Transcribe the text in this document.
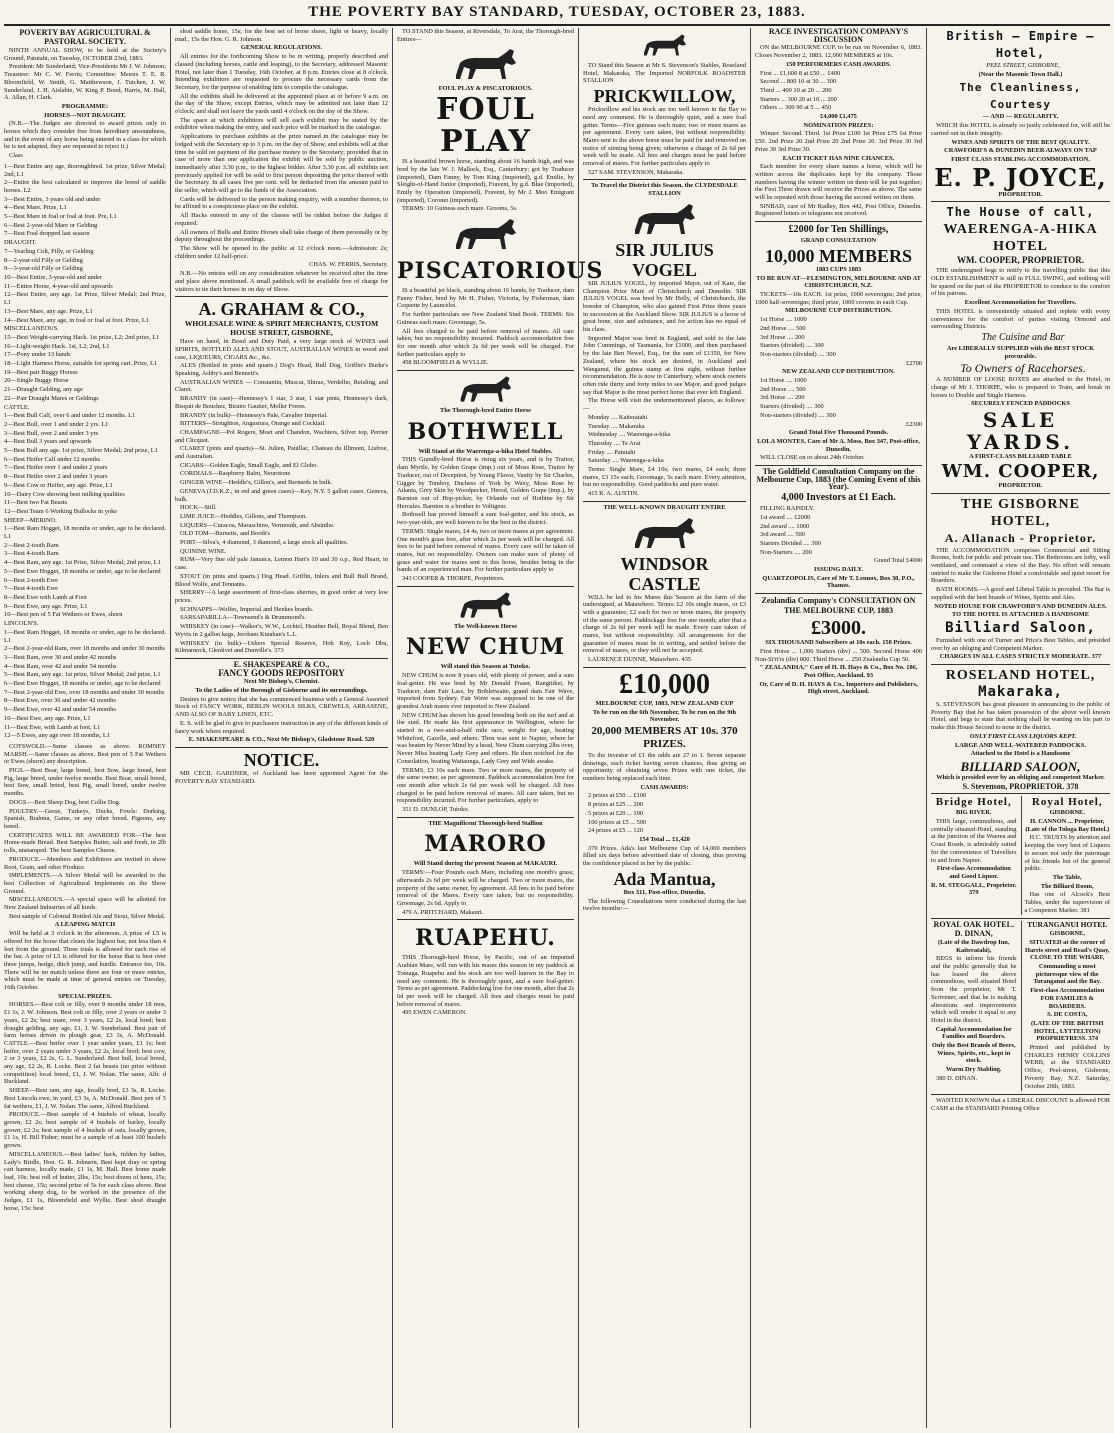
THE POVERTY BAY STANDARD, TUESDAY, OCTOBER 23, 1883.

POVERTY BAY AGRICULTURAL & PASTORAL SOCIETY.

NINTH ANNUAL SHOW, to be held at the Society's Ground, Patutahi, on Tuesday, OCTOBER 23rd, 1883.

President: Mr Sunderland; Vice-Presidents Mr J. W. Johnson; Treasurer: Mr C. W. Ferris; Committee: Messrs T. E. R. Bloomfield, W. Smith, G. Matthewson, J. Tutchen, J. W. Sunderland, J. H. Aislabie, W. King P. Bond, Harris, M. Hall, A. Allan, H. Clark.

PROGRAMME:

HORSES—NOT DRAUGHT.

(N.B.—The Judges are directed to award prizes only to horses which they consider free from hereditary unsoundness, and in the event of any horse being entered in a class for which he is not adapted, they are requested to reject it.)

Class

1—Best Entire any age, thoroughbred. 1st prize, Silver Medal; 2nd, L1

2—Entire the best calculated to improve the breed of saddle horses. L2

3—Best Entire, 3 years old and under

4—Best Mare. Prize, L1

5—Best Mare in foal or foal at foot. Pre, L1

6—Best 2-year-old Mare or Gelding

7—Best Foal dropped last season

DRAUGHT.

7—Yearling Colt, Filly, or Gelding

8—2-year-old Filly or Gelding

9—3-year-old Filly or Gelding

10—Best Entire, 3-year-old and under

11—Entire Horse, 4-year-old and upwards

12—Best Entire, any age. 1st Prize, Silver Medal; 2nd Prize, L1

13—Best Mare, any age. Prize, L1

14—Best Mare, any age, in foal or foal at foot. Prize, L1

MISCELLANEOUS.

15—Best Weight-carrying Hack. 1st prize, L2; 2nd prize, L1

16—Light-weight Hack. 1st, L2; 2nd, L1

17—Pony under 13 hands

18—Light Harness Horse, suitable for spring cart. Prize, L1

19—Best pair Buggy Horses

20—Single Buggy Horse

21—Draught Gelding, any age

22—Pair Draught Mares or Geldings

CATTLE.

1—Best Bull Calf, over 6 and under 12 months. L1

2—Best Bull, over 1 and under 2 yrs. L1

3—Best Bull, over 2 and under 3 yrs

4—Best Bull 3 years and upwards

5—Best Bull any age. 1st prize, Silver Medal; 2nd prize, L1

6—Best Heifer Calf under 12 months

7—Best Heifer over 1 and under 2 years

8—Best Heifer over 2 and under 3 years

9—Best Cow or Heifer, any age. Prize, L1

10—Dairy Cow showing best milking qualities

11—Best two Fat Beasts

12—Best Team 6 Working Bullocks in yoke

SHEEP—MERINO.

1—Best Ram Hogget, 18 months or under, age to be declared. L1

2—Best 2-tooth Ram

3—Best 4-tooth Ram

4—Best Ram, any age. 1st Prize, Silver Medal; 2nd prize, L1

5—Best Ewe Hogget, 18 months or under, age to be declared

6—Best 2-tooth Ewe

7—Best 4-tooth Ewe

8—Best Ewe with Lamb at Foot

9—Best Ewe, any age. Prize, L1

10—Best pen of 5 Fat Wethers or Ewes, shorn

LINCOLN'S.

1—Best Ram Hogget, 18 months or under, age to be declared. L1

2—Best 2-year-old Ram, over 18 months and under 30 months

3—Best Ram, over 30 and under 42 months

4—Best Ram, over 42 and under 54 months

5—Best Ram, any age. 1st prize, Silver Medal; 2nd prize, L1

6—Best Ewe Hogget, 18 months or under, age to be declared

7—Best 2-year-old Ewe, over 18 months and under 30 months

8—Best Ewe, over 30 and under 42 months

9—Best Ewe, over 42 and under 54 months

10—Best Ewe, any age. Prize, L1

11—Best Ewe, with Lamb at foot, L1

12—5 Ewes, any age over 18 months, L1

COTSWOLD.—Same classes as above. ROMNEY MARSH.—Same classes as above. Best pen of 5 Fat Wethers or Ewes (shorn) any description.

PIGS.—Best Boar, large breed, best Sow, large breed, best Pig, large breed, under twelve months. Best Boar, small breed, best Sow, small breed, best Pig, small breed, under twelve months.

DOGS.—Best Sheep Dog, best Collie Dog.

POULTRY.—Geese, Turkeys, Ducks, Fowls: Dorking, Spanish, Brahma, Game, or any other breed. Pigeons, any breed.

CERTIFICATES WILL BE AWARDED FOR—The best Home-made Bread. Best Samples Butter, salt and fresh, in 2lb rolls, unstamped. The best Samples Cheese.

PRODUCE.—Members and Exhibitors are invited to show Root, Grain, and other Produce.

IMPLEMENTS.—A Silver Medal will be awarded to the best Collection of Agricultural Implements on the Show Ground.

MISCELLANEOUS.—A special space will be allotted for New Zealand Industries of all kinds.

Best sample of Colonial Bottled Ale and Stout, Silver Medal.

A LEAPING MATCH

Will be held at 3 o'clock in the afternoon. A prize of L5 is offered for the horse that clears the highest bar, not less than 4 feet from the ground. Three trials is allowed for each rise of the bar. A prize of L5 is offered for the horse that is best over three jumps, hedge, ditch jump, and hurdle. Entrance fee, 10s. There will be no match unless there are four or more entries, which must be made at time of general entries on Tuesday, 16th October.

SPECIAL PRIZES.

HORSES.—Best colt or filly, over 9 months under 18 mos, £1 1s, J. W. Johnson. Best colt or filly, over 2 years or under 3 years, £2 2s; best mare, over 3 years, £2 2s, local bred; best draught gelding, any age, £1, J. W. Sunderland. Best pair of farm horses driven in plough gear, £3 3s, A. McDonald. CATTLE.—Best heifer over 1 year under years, £1 1s; best heifer, over 2 years under 3 years, £2 2s, local bred; best cow, 2 or 3 years, £2 2s, G. L. Sunderland. Best bull, local breed, any age, £2 2s, R. Locke. Best 2 fat beasts (no prize without competition) local breed, £1, J. W. Nolan. The same, Alfr. d Buckland.

SHEEP.—Best ram, any age, locally bred, £3 3s, R. Locke. Best Lincoln ewe, in yard, £3 3s, A. McDonald. Best pen of 5 fat wethers, £1, J. W. Nolan. The same, Alfred Buckland.

PRODUCE.—Best sample of 4 bushels of wheat, locally grown, £2 2s; best sample of 4 bushels of barley, locally grown, £2 2s; best sample of 4 bushels of oats, locally grown, £1 1s, H. Bill Fisher; must be a sample of at least 100 bushels grown.

MISCELLANEOUS.—Best ladies' hack, ridden by ladies, Lady's Bridle, Hon. G. R. Johnson. Best kept dray or spring cart harness, locally made, £1 1s, M. Hall. Best home made loaf, 10s; best roll of butter, 2lbs, 15s; best dozen of hens, 15s; best cheese, 15s; second prize of 5s for each class above. Best working sheep dog, to be worked in the presence of the Judges, £1 1s, Bloomfield and Wyllie. Best shod draught horse, 15s: best

shod saddle horse, 15s; for the best set of horse shoes, light or heavy, locally mad., 15s the Hon. G. R. Johnson.

GENERAL REGULATIONS.

All entries for the forthcoming Show to be in writing, properly described and classed (including horses, cattle and leaping), to the Secretary, addressed Masonic Hotel, not later than 1 Tuesday, 16th October, at 8 p.m. Entries close at 8 o'clock. Intending exhibitors are requested to procure the necessary cards from the Secretary, for the purpose of enabling him to compile the catalogue.

All the exhibits shall be delivered at the appointed place at or before 9 a.m. on the day of the Show, except Entries, which may be admitted not later than 12 o'clock; and shall not leave the yards until 4 o'clock on the day of the Show.

The space at which exhibitors will sell each exhibit may be stated by the exhibitor when making the entry, and such price will be marked in the catalogue.

Applications to purchase exhibits at the prize named in the catalogue may be lodged with the Secretary up to 3 p.m. on the day of Show, and exhibits will at that time be sold on payment of the purchase money to the Secretary; provided that in case of more than one application the exhibit will be sold by public auction, immediately after 3.30 p.m., to the highest bidder. After 3.30 p.m. all exhibits not previously applied for will be sold to first person depositing the price thereof with the Secretary. In all cases five per cent. will be deducted from the amount paid to the seller, which will go to the funds of the Association.

Cards will be delivered to the person making enquiry, with a number thereon, to be affixed to a conspicuous place on the exhibit.

All Hacks entered in any of the classes will be ridden before the Judges if required.

All owners of Bulls and Entire Horses shall take charge of them personally or by deputy throughout the proceedings.

The Show will be opened to the public at 12 o'clock noon.—Admission: 2s; children under 12 half-price.

CHAS. W. FERRIS, Secretary.

N.B.—No entries will on any consideration whatever be received after the time and place above mentioned. A small paddock will be available free of charge for visitors to tie their horses in on day of Show.

A. GRAHAM & CO.,

WHOLESALE WINE & SPIRIT MERCHANTS, CUSTOM HOUSE STREET, GISBORNE,

Have on hand, in Bond and Duty Paid, a very large stock of WINES and SPIRITS, BOTTLED ALES AND STOUT, AUSTRALIAN WINES in wood and case, LIQUEURS, CIGARS &c., &c.

ALES (Bottled in pints and quarts.) Dog's Head, Bull Dog, Griffin's Burke's Speaking, Ashby's and Bennett's.

AUSTRALIAN WINES — Constantia, Muscat, Shiraz, Verdelho, Reisling, and Claret.

BRANDY (in case)—Hennessy's 1 star, 3 star, 1 star pints, Hennessy's dark, Bisquit de Bouchez, Biraire Gautier, Moller Freres.

BRANDY (in bulk)—Hennessy's Pale, Cavalier Imperial.

BITTERS—Stoughton, Angustura, Orange and Cocktail.

CHAMPAGNE—Pol Rogers, Moet and Chandon, Wachters, Silver top, Perrier and Clicquot.

CLARET (pints and quarts)—St. Julien, Pauillac, Chateau du Illimont, Lisfroe, and Australian.

CIGARS—Golden Eagle, Small Eagle, and El Globo.

CORDIALS—Raspberry Balm, Neurotone

GINGER WINE—Heddle's, Gillon's, and Bernards in bulk.

GENEVA (J.D.K.Z., in red and green cases)—Key, N.Y. 5 gallon cases. Geneva, bulk.

HOCK—Still.

LIME JUICE—Heddles, Gillons, and Thompson.

LIQUERS—Curacoa, Maraschino, Vermouth, and Absinthe.

OLD TOM—Burnetts, and Booth's

PORT—Silva's, 4 diamond, 3 diamond, a large stock all qualities.

QUININE WINE.

RUM—Very fine old pale Jamaica, Lemon Hart's 10 and 30 o.p., Red Heart, in case.

STOUT (in pints and quarts.) Dog Head. Griffin, Inlers and Bull Bull Brand, Blood Wolfe, and Tennants.

SHERRY—A large assortment of first-class sherries, in good order at very low prices.

SCHNAPPS—Wolfes, Imperial and Henkes brands.

SARSAPARILLA—Townsend's & Drummond's.

WHISKEY (in case)—Walker's, W.W., Lochiel, Heather Bell, Royal Blend, Ben Wyvis in 2 gallon kegs, Jerobam Kinahan's L.L.

WHISKEY (in bulk)—Ushers Special Reserve, Hob Roy, Loch Dhu, Kilmarnock, Glenlivet and Dunville's. 373

E. SHAKESPEARE & CO.,

FANCY GOODS REPOSITORY

Next Mr Bishop's, Chemist.

To the Ladies of the Borough of Gisborne and its surroundings.

Desires to give notice that she has commenced business with a General Assorted Stock of FANCY WORK, BERLIN WOOLS SILKS, CREWELS, ARRASENE, AND ALSO OF BABY LINEN, ETC.

E. S. will be glad to give to purchasers instruction in any of the different kinds of fancy work where required.

E. SHAKESPEARE & CO., Next Mr Bishop's, Gladstone Road. 520

NOTICE.

MR CECIL GARDNER, of Auckland has been appointed Agent for the POVERTY BAY STANDARD.

TO STAND this Season, at Riversdale, To Arai, the Thorough-bred Entires—

FOUL PLAY & PISCATORIOUS.

FOUL PLAY

IS a beautiful brown horse, standing about 16 hands high, and was bred by the late W. J. Mallock, Esq., Canterbury; got by Traducer (imported), Dam Fanny, by Tom King (imported), g.d. Emilie, by Sleight-of-Hand Junior (imported), Fravent, by g.d. Blue (imported), Emily by Operation (imported), Fravent, by Mr J. Moo Emigrant (imported), Coronet (imported).

TERMS: 10 Guineas each mare. Grooms, 5s.

PISCATORIOUS

IS a beautiful jet black, standing about 16 hands, by Traducer, dam Fanny Fisher, bred by Mr H. Fisher, Victoria, by Fisherman, dam Coquette by Launcelot.

For further particulars see New Zealand Stud Book. TERMS: Six Guineas each mare. Groomage, 5s.

All fees charged to be paid before removal of mares. All care taken, but no responsibility incurred. Paddock accommodation free for one month after which 2s 6d per week will be charged. For further particulars apply to

458 BLOOMFIELD & WYLLIE.

The Thorough-bred Entire Horse

BOTHWELL

Will Stand at the Waerenga-a-hika Hotel Stables.

THIS Grandly-bred Horse is rising six years, and is by Traitor, dam Myrtle, by Golden Grape (imp.) out of Moss Rose, Traitor by Traducer, out of Deception, by Young Flavor, Vanity by Sir Charles, Gigger by Tomboy, Duchess of York by Waxy, Moss Rose by Atlanta, Grey Skin by Woodpecker, Herod, Golden Grape (imp.), by Barnton out of Hop-picker, by Orlando out of Hotbine by Sir Hercules. Barnton is a brother to Voltigeur.

Bothwell has proved himself a sure foal-getter, and his stock, as two-year-olds, are well known to be the best in the district.

TERMS: Single mares, £4 4s, two or more mares at per agreement. One month's grass free, after which 2s per week will be charged. All fees to be paid before removal of mares. Every care will be taken of mares, but no responsibility. Owners can make sure of plenty of grass and water for mares sent to this horse, besides being in the hands of an experienced man. For further particulars apply to

343 COOPER & THORPE, Proprietors.

The Well-known Horse

NEW CHUM

Will stand this Season at Tutoko.

NEW CHUM is now 8 years old, with plenty of power, and a sure foal-getter. He was bred by Mr Donald Fraser, Rangitikei, by Traducer, dam Fair Lass, by Bribletwaite, grand dam Fair Wave, imported from Sydney. Fair Wave was supposed to be one of the grandest Arab mares ever imported to New Zealand.

NEW CHUM has shown his good breeding both on the turf and at the stud. He made his first appearance in Wellington, where he started in a two-and-a-half mile race, weight for age, beating Whitefoot, Gazelle, and others. Then was sent to Napier, where he was beaten by Never Mind by a head, New Chum carrying 2lbs over, Never Miss beating Lady Grey and others. He then notched for the Consolation, beating Waitaunga, Lady Grey and Wide awake.

TERMS, £3 10s each mare. Two or more mares, the property of the same owner, as per agreement. Paddock accommodation free for one month after which 2s 6d per week will be charged. All fees charged to be paid before removal of mares. All care taken, but no responsibility incurred. For further particulars, apply to

351 D. DUNLOP, Tutoko.

THE Magnificent Thorough-bred Stallion

MARORO

Will Stand during the present Season at MAKAURI.

TERMS:—Four Pounds each Mare, including one month's grass; afterwards 2s 6d per week will be charged. Two or more mares, the property of the same owner, by agreement. All fees to be paid before removal of the Mares. Every care taken, but no responsibility. Groomage, 2s 6d. Apply to

479 A. PRITCHARD, Makauri.

RUAPEHU.

THIS Thorough-bred Horse, by Pacific, out of an imported Arabian Mare, will run with his mares this season in my paddock at Tomaga. Ruapehu and his stock are too well known in the Bay to need any comment. He is thoroughly quiet, and a sure foal-getter. Terms as per agreement. Paddocking free for one month, after that 2s 6d per week will be charged. All fees and charges must be paid before removal of mares.

495 EWEN CAMERON.

TO Stand this Season at Mr S. Stevenson's Stables, Roseland Hotel, Makaraka, The Imported NORFOLK ROADSTER STALLION

PRICKWILLOW,

Prickwillow and his stock are too well known in the Bay to need any comment. He is thoroughly quiet, and a sure foal getter. Terms—Five guineas each mare; two or more mares as per agreement. Every care taken, but without responsibility. Mares sent to the above horse must be paid for and removed on notice of stinting being given; otherwise a charge of 2s 6d per week will be made. All fees and charges must be paid before removal of mares. For further particulars apply to

527 SAM. STEVENSON, Makaraka.

To Travel the District this Season, the CLYDESDALE STALLION

SIR JULIUS VOGEL

SIR JULIUS VOGEL, by imported Major, out of Kate, the Champion Prize Mare of Christchurch and Dunedin. SIR JULIUS VOGEL was bred by Mr Holly, of Christchurch, the breeder of Champion, who also gained First Prize three years in succession at the Auckland Show. SIR JULIUS is a horse of great bone, size and substance, and for action has no equal of his class.

Imported Major was bred in England, and sold to the late John Cummings, of Tasmania, for £1000, and then purchased by the late Ben Newel, Esq., for the sum of £1350, for New Zealand, where his stock are desired, in Auckland and Wanganui, the guinea stamp at first sight, without further recommendation. He is now in Canterbury, where stock owners often ride thirty and forty miles to see Major, and good judges say that Major is the most perfect horse that ever left England.

The Horse will visit the undermentioned places, as follows:—

Monday .... Kaiteratahi

Tuesday .... Makaraka

Wednesday .... Waerenga-a-hika

Thursday .... Te Arai

Friday .... Patutahi

Saturday .... Waerenga-a-hika

Terms: Single Mare, £4 10s; two mares, £4 each; three mares, £3 15s each; Groomage, 5s each mare. Every attention, but no responsibility. Good paddocks and pure water.

415 R. A. AUSTIN.

THE WELL-KNOWN DRAUGHT ENTIRE

WINDSOR CASTLE

WILL be led to his Mares this Season at the farm of the undersigned, at Matawhero. Terms: £2 10s single mares, or £3 with a guarantee; £2 each for two or more mares, the property of the same person. Paddockage free for one month; after that a charge of 2s 6d per week will be made. Every care taken of mares, but without responsibility. All arrangements for the guarantee of mares must be in writing, and settled before the removal of mares, or they will not be accepted.

LAURENCE DUNNE, Matawhero. 435

£10,000

MELBOURNE CUP, 1883, NEW ZEALAND CUP

To be run on the 6th November, To be run on the 9th November.

20,000 MEMBERS AT 10s. 370 PRIZES.

To the investor of £1 the odds are 27 to 1. Seven separate drawings, each ticket having seven chances, thus giving an opportunity of obtaining seven Prizes with one ticket, the numbers being replaced each time.

CASH AWARDS:

2 prizes at £50 ... £100

8 prizes at £25 ... 200

5 prizes at £20 ... 100

100 prizes at £5 ... 500

24 prizes at £5 ... 120

154 Total ... £1,420

370 Prizes. Ada's last Melbourne Cup of 14,000 members filled six days before advertised date of closing, thus proving the confidence placed in her by the public.

Ada Mantua,

Box 311, Post-office, Dunedin.

The following Consultations were conducted during the last twelve months:—

RACE INVESTIGATION COMPANY'S DISCUSSION

ON the MELBOURNE CUP, to be run on November 6, 1883. Closes November 2, 1883. 12,000 MEMBERS at 10s.

150 PERFORMERS CASH AWARDS.

First ... £1,600 8 at £50 ... £400

Second ... 800 10 at 30 ... 300

Third ... 400 10 at 20 ... 200

Starters ... 300 20 at 10 ... 200

Others ... 300 90 at 5 ... 450

£4,000 £1,475

NOMINATION PRIZES:

Winner. Second. Third. 1st Prize £100 1st Prize £75 1st Prize £50. 2nd Prize 20 2nd Prize 20 2nd Prize 20. 3rd Prize 30 3rd Prize 30 3rd Prize 30.

EACH TICKET HAS NINE CHANCES.

Each member for every share names a horse, which will be written across the duplicates kept by the company. Those numbers having the winner written on them will be put together; the First Three drawn will receive the Prizes as above. The same will be repeated with those having the second written on them.

SINBAD, care of Mr Radley, Box 442, Post Office, Dunedin. Registered letters or telegrams not received.

£2000 for Ten Shillings,

GRAND CONSULTATION

10,000 MEMBERS

1883 CUPS 1883

TO BE RUN AT—FLEMINGTON, MELBOURNE AND AT CHRISTCHURCH, N.Z.

TICKETS—10s EACH. 1st prize, 1000 sovereigns; 2nd prize, 1000 half-sovereigns; third prize, 1000 crowns in each Cup.

MELBOURNE CUP DISTRIBUTION.

1st Horse .... 1000

2nd Horse .... 500

3rd Horse .... 200

Starters (divided) .... 300

Non-starters (divided) .... 300

£2700

NEW ZEALAND CUP DISTRIBUTION.

1st Horse .... 1000

2nd Horse .... 500

3rd Horse .... 200

Starters (divided) .... 300

Non-starters (divided) .... 300

£2300

Grand Total Five Thousand Pounds.

LOLA MONTES, Care of Mr A. Moss, Box 347, Post-office, Dunedin.

WILL CLOSE on or about 24th October.

The Goldfield Consultation Company on the Melbourne Cup, 1883 (the Coming Event of this Year).

4,000 Investors at £1 Each.

FILLING RAPIDLY.

1st award .... £2000

2nd award .... 1000

3rd award .... 500

Starters Divided .... 300

Non-Starters .... 200

Grand Total £4000

ISSUING DAILY.

QUARTZOPOLIS, Care of Mr T. Lennox, Box 30, P.O., Thames.

Zealandia Company's CONSULTATION ON THE MELBOURNE CUP, 1883

£3000.

SIX THOUSAND Subscribers at 10s each. 150 Prizes.

First Horse ... 1,000 Starters (div) ... 500. Second Horse 400 Non-St'rt'rs (div) 800. Third Horse ... 250 Zealandia Cup 50.

" ZEALANDIA," Care of H. H. Hays & Co., Box No. 186, Post Office, Auckland. 93

Or, Care of D. H. HAYS & Co., Importers and Publishers, High street, Auckland.

British — Empire — Hotel,

PEEL STREET, GISBORNE,

(Near the Masonic Town Hall.)

The Cleanliness, Courtesy

— AND — REGULARITY,

WHICH this HOTEL is already so justly celebrated for, will still be carried out in their integrity.

WINES AND SPIRITS OF THE BEST QUALITY.

CRAWFORD'S & DUNEDIN BEER ALWAYS ON TAP

FIRST CLASS STABLING ACCOMMODATION.

E. P. JOYCE,

PROPRIETOR.

The House of call,
WAERENGA-A-HIKA HOTEL

WM. COOPER, PROPRIETOR.

THE undersigned begs to notify to the travelling public that this OLD ESTABLISHMENT is still in FULL SWING, and nothing will be spared on the part of the PROPRIETOR to conduce to the comfort of his patrons.

Excellent Accommodation for Travellers.

THIS HOTEL is conveniently situated and replete with every convenience for the comfort of parties visiting Ormond and surrounding Districts.

The Cuisine and Bar

Are LIBERALLY SUPPLIED with the BEST STOCK procurable.

To Owners of Racehorses.

A NUMBER OF LOOSE BOXES are attached to the Hotel, in charge of Mr J. THORPE, who is prepared to Train, and break in horses to Double and Single Harness.

SECURELY FENCED PADDOCKS

SALE YARDS.

A FIRST-CLASS BILLIARD TABLE

WM. COOPER,

PROPRIETOR.

THE GISBORNE HOTEL,
A. Allanach - Proprietor.

THE ACCOMMODATION comprises Commercial and Sitting Rooms, both for public and private use. The Bedrooms are lofty, well ventilated, and command a view of the Bay. No effort will remain untried to make the Gisborne Hotel a comfortable and quiet resort for Boarders.

BATH ROOMS.—A good and Liberal Table is provided. The Bar is supplied with the best brands of Wines, Spirits and Ales.

NOTED HOUSE FOR CRAWFORD'S AND DUNEDIN ALES.

TO THE HOTEL IS ATTACHED A HANDSOME

Billiard Saloon,

Furnished with one of Turner and Price's Best Tables, and presided over by an obliging and Competent Marker.

CHARGES IN ALL CASES STRICTLY MODERATE. 377

ROSELAND HOTEL,
Makaraka,

S. STEVENSON has great pleasure in announcing to the public of Poverty Bay that he has taken possession of the above well known Hotel, and begs to state that nothing shall be wanting on his part to make this House Second to none in the district.

ONLY FIRST CLASS LIQUORS KEPT.

LARGE AND WELL-WATERED PADDOCKS.

Attached to the Hotel is a Handsome

BILLIARD SALOON,

Which is presided over by an obliging and competent Marker.

S. Stevenson, PROPRIETOR. 378

Bridge Hotel,

BIG RIVER.

THIS large, commodious, and centrally situated-Hotel, standing at the junction of the Waerea and Coast Roads, is admirably suited for the convenience of Travellers to and from Napier.

First-class Accommodation and Good Liquor.

R. M. STEGGALL, Proprietor. 379

Royal Hotel,

GISBORNE.

H. CANNON ... Proprietor, (Late of the Tologa Bay Hotel.)

H.C. TRUSTS by attention and keeping the very best of Liquors to secure not only the patronage of his friends but of the general public.

The Table,

The Billiard Room,

Has one of Alcock's Best Tables, under the supervision of a Competent Marker. 381

ROYAL OAK HOTEL.

D. DINAN,

(Late of the Dawdrop Inn, Kaiteratahi),

BEGS to inform his friends and the public generally that he has leased the above commodious, well situated Hotel from the proprietor, Mr T. Scrivener, and that he is making alterations and improvements which will render it equal to any Hotel in the district.

Capital Accommodation for Families and Boarders.

Only the Best Brands of Beers, Wines, Spirits, etc., kept in stock.

Warm Dry Stabling.

380 D. DINAN.

TURANGANUI HOTEL

GISBORNE,

SITUATED at the corner of Harris street and Read's Quay, CLOSE TO THE WHARF,

Commanding a most picturesque view of the Turanganui and the Bay.

First-class Accommodation FOR FAMILIES & BOARDERS.

S. DE COSTA,

(LATE OF THE BRITISH HOTEL, LYTTELTON) PROPRIETRESS. 374

Printed and published by CHARLES HENRY COLLINS WEBB, at the STANDARD Office, Peel-street, Gisborne, Poverty Bay, N.Z. Saturday, October 20th, 1883.

WANTED KNOWN that a LIBERAL DISCOUNT is allowed FOR CASH at the STANDARD Printing Office
